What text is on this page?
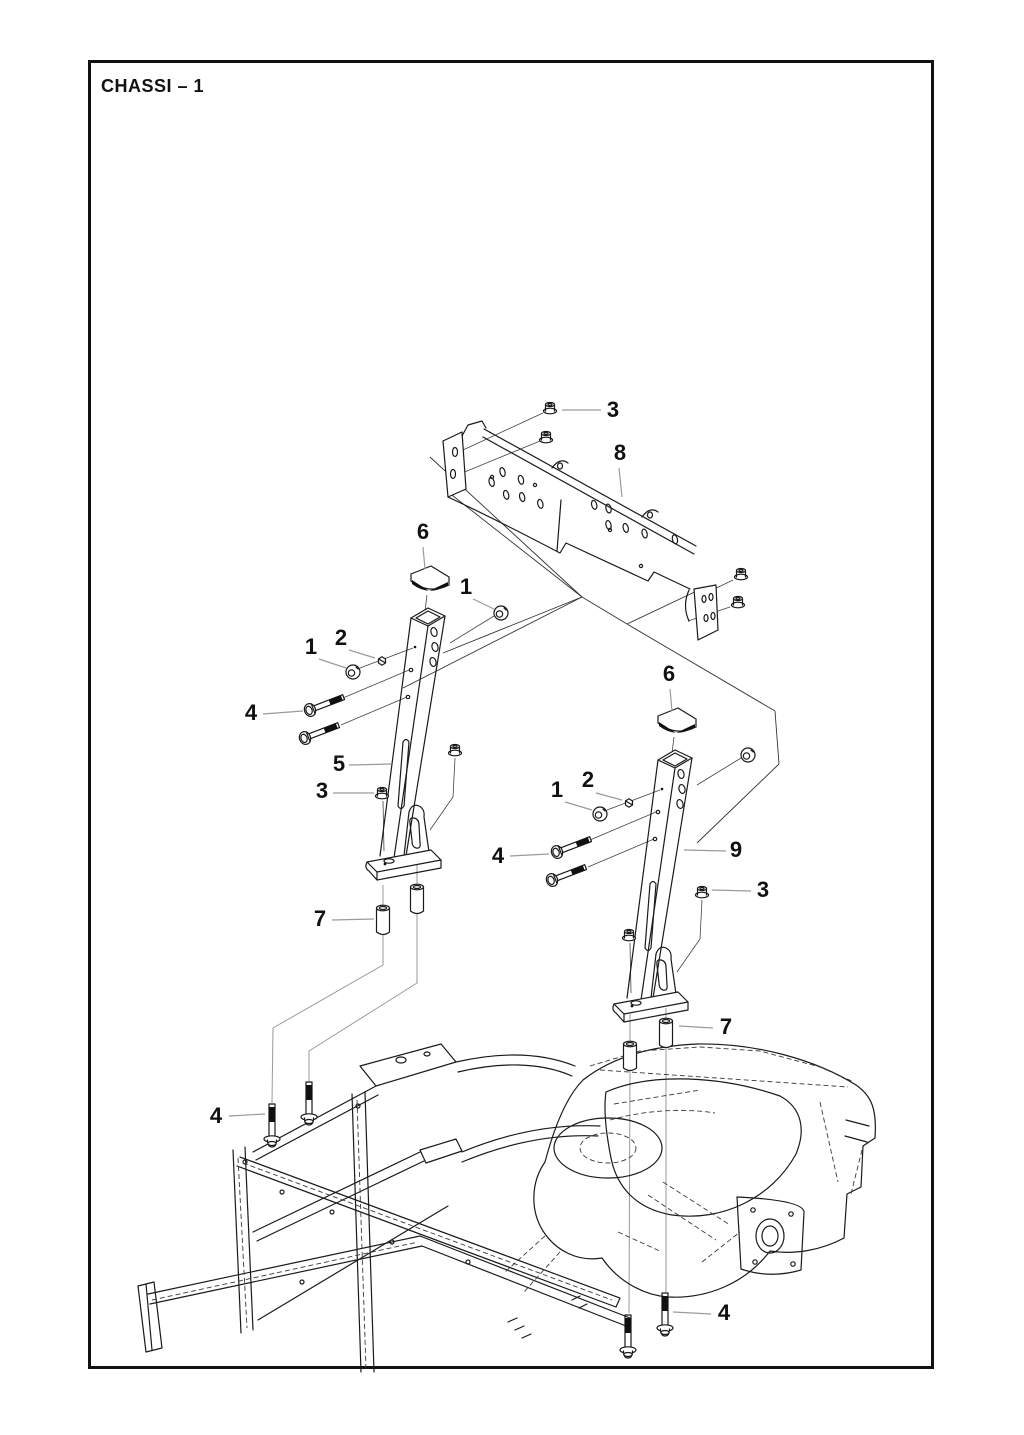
CHASSI – 1
3
8
6
1
2
1
4
5
3
7
6
2
1
4	9
3
7
4
4
